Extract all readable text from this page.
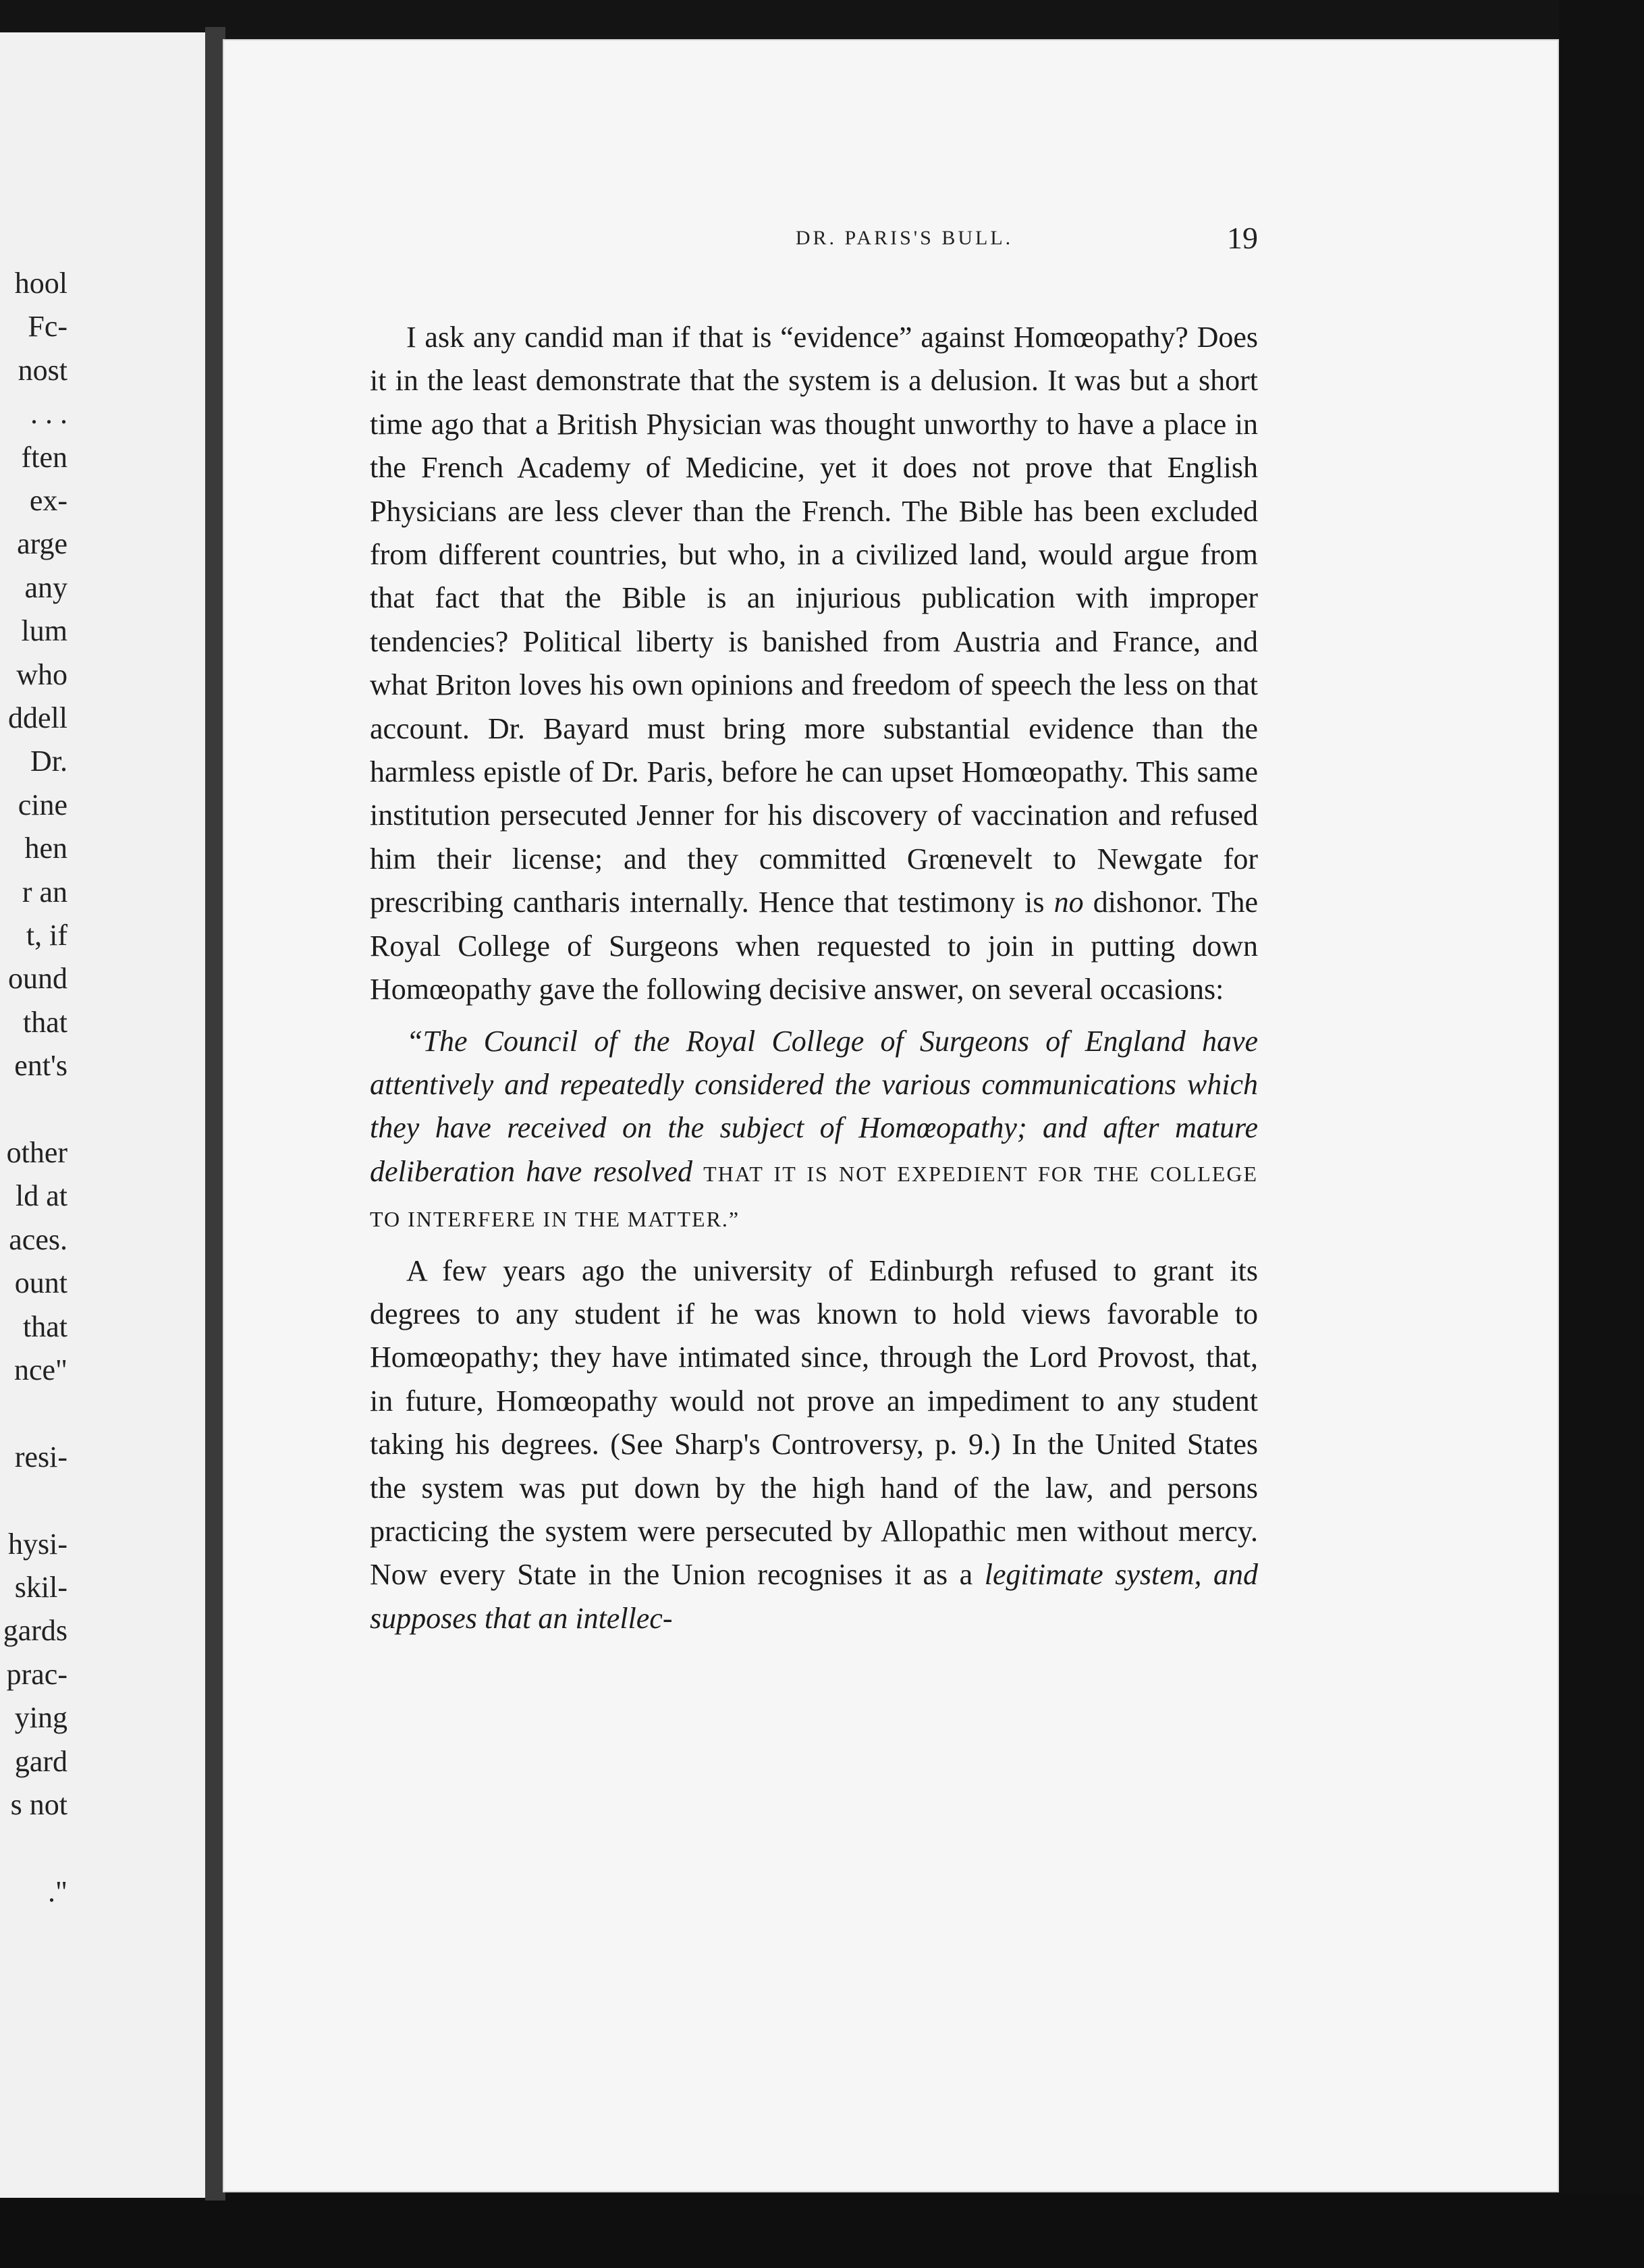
hool
Fc-
nost
. . .
ften
ex-
arge
any
lum
who
ddell
Dr.
cine
hen
r an
t, if
ound
that
ent's
other
ld at
aces.
ount
that
nce"
resi-
hysi-
skil-
gards
prac-
ying
gard
s not
."
DR. PARIS'S BULL.	19

I ask any candid man if that is “evidence” against Homœopathy? Does it in the least demonstrate that the system is a delusion. It was but a short time ago that a British Physician was thought unworthy to have a place in the French Academy of Medicine, yet it does not prove that English Physicians are less clever than the French. The Bible has been excluded from different countries, but who, in a civilized land, would argue from that fact that the Bible is an injurious publication with improper tendencies? Political liberty is banished from Austria and France, and what Briton loves his own opinions and freedom of speech the less on that account. Dr. Bayard must bring more substantial evidence than the harmless epistle of Dr. Paris, before he can upset Homœopathy. This same institution persecuted Jenner for his discovery of vaccination and refused him their license; and they committed Grœnevelt to Newgate for prescribing cantharis internally. Hence that testimony is no dishonor. The Royal College of Surgeons when requested to join in putting down Homœopathy gave the following decisive answer, on several occasions:

“The Council of the Royal College of Surgeons of England have attentively and repeatedly considered the various communications which they have received on the subject of Homœopathy; and after mature deliberation have resolved THAT IT IS NOT EXPEDIENT FOR THE COLLEGE TO INTERFERE IN THE MATTER.”

A few years ago the university of Edinburgh refused to grant its degrees to any student if he was known to hold views favorable to Homœopathy; they have intimated since, through the Lord Provost, that, in future, Homœopathy would not prove an impediment to any student taking his degrees. (See Sharp's Controversy, p. 9.) In the United States the system was put down by the high hand of the law, and persons practicing the system were persecuted by Allopathic men without mercy. Now every State in the Union recognises it as a legitimate system, and supposes that an intellec-
